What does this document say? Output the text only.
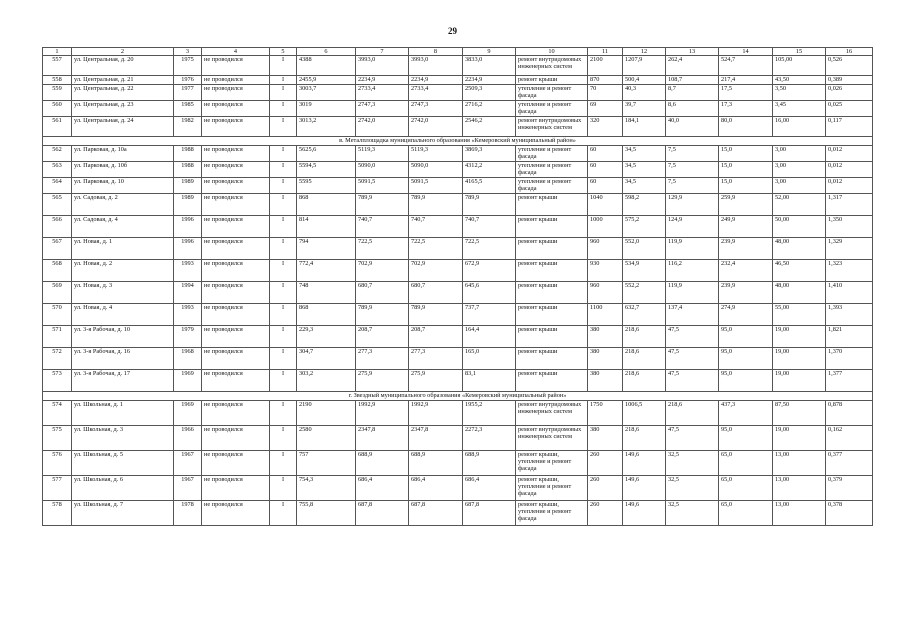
29
1	2	3	4	5	6	7	8	9	10	11	12	13	14	15	16
557	ул. Центральная, д. 20	1975	не проводился	I	4388	3993,0	3993,0	3833,0	ремонт внутридомовых инженерных систем	2100	1207,9	262,4	524,7	105,00	0,526
558	ул. Центральная, д. 21	1976	не проводился	I	2455,9	2234,9	2234,9	2234,9	ремонт крыши	870	500,4	108,7	217,4	43,50	0,389
559	ул. Центральная, д. 22	1977	не проводился	I	3003,7	2733,4	2733,4	2509,3	утепление и ремонт фасада	70	40,3	8,7	17,5	3,50	0,026
560	ул. Центральная, д. 23	1985	не проводился	I	3019	2747,3	2747,3	2716,2	утепление и ремонт фасада	69	39,7	8,6	17,3	3,45	0,025
561	ул. Центральная, д. 24	1982	не проводился	I	3013,2	2742,0	2742,0	2546,2	ремонт внутридомовых инженерных систем	320	184,1	40,0	80,0	16,00	0,117
в. Металплощадка муниципального образования «Кемеровский муниципальный район»															
562	ул. Парковая, д. 10а	1988	не проводился	I	5625,6	5119,3	5119,3	3869,3	утепление и ремонт фасада	60	34,5	7,5	15,0	3,00	0,012
563	ул. Парковая, д. 10б	1988	не проводился	I	5594,5	5090,0	5090,0	4312,2	утепление и ремонт фасада	60	34,5	7,5	15,0	3,00	0,012
564	ул. Парковая, д. 10	1989	не проводился	I	5595	5091,5	5091,5	4165,5	утепление и ремонт фасада	60	34,5	7,5	15,0	3,00	0,012
565	ул. Садовая, д. 2	1989	не проводился	I	868	789,9	789,9	789,9	ремонт крыши	1040	598,2	129,9	259,9	52,00	1,317
566	ул. Садовая, д. 4	1996	не проводился	I	814	740,7	740,7	740,7	ремонт крыши	1000	575,2	124,9	249,9	50,00	1,350
567	ул. Новая, д. 1	1996	не проводился	I	794	722,5	722,5	722,5	ремонт крыши	960	552,0	119,9	239,9	48,00	1,329
568	ул. Новая, д. 2	1993	не проводился	I	772,4	702,9	702,9	672,9	ремонт крыши	930	534,9	116,2	232,4	46,50	1,323
569	ул. Новая, д. 3	1994	не проводился	I	748	680,7	680,7	645,6	ремонт крыши	960	552,2	119,9	239,9	48,00	1,410
570	ул. Новая, д. 4	1993	не проводился	I	868	789,9	789,9	737,7	ремонт крыши	1100	632,7	137,4	274,9	55,00	1,393
571	ул. 3-я Рабочая, д. 10	1979	не проводился	I	229,3	208,7	208,7	164,4	ремонт крыши	380	218,6	47,5	95,0	19,00	1,821
572	ул. 3-я Рабочая, д. 16	1968	не проводился	I	304,7	277,3	277,3	165,0	ремонт крыши	380	218,6	47,5	95,0	19,00	1,370
573	ул. 3-я Рабочая, д. 17	1969	не проводился	I	303,2	275,9	275,9	83,1	ремонт крыши	380	218,6	47,5	95,0	19,00	1,377
г. Звездный муниципального образования «Кемеровский муниципальный район»															
574	ул. Школьная, д. 1	1969	не проводился	I	2190	1992,9	1992,9	1955,2	ремонт внутридомовых инженерных систем	1750	1006,5	218,6	437,3	87,50	0,878
575	ул. Школьная, д. 3	1966	не проводился	I	2580	2347,8	2347,8	2272,3	ремонт внутридомовых инженерных систем	380	218,6	47,5	95,0	19,00	0,162
576	ул. Школьная, д. 5	1967	не проводился	I	757	688,9	688,9	688,9	ремонт крыши, утепление и ремонт фасада	260	149,6	32,5	65,0	13,00	0,377
577	ул. Школьная, д. 6	1967	не проводился	I	754,3	686,4	686,4	686,4	ремонт крыши, утепление и ремонт фасада	260	149,6	32,5	65,0	13,00	0,379
578	ул. Школьная, д. 7	1978	не проводился	I	755,8	687,8	687,8	687,8	ремонт крыши, утепление и ремонт фасада	260	149,6	32,5	65,0	13,00	0,378
